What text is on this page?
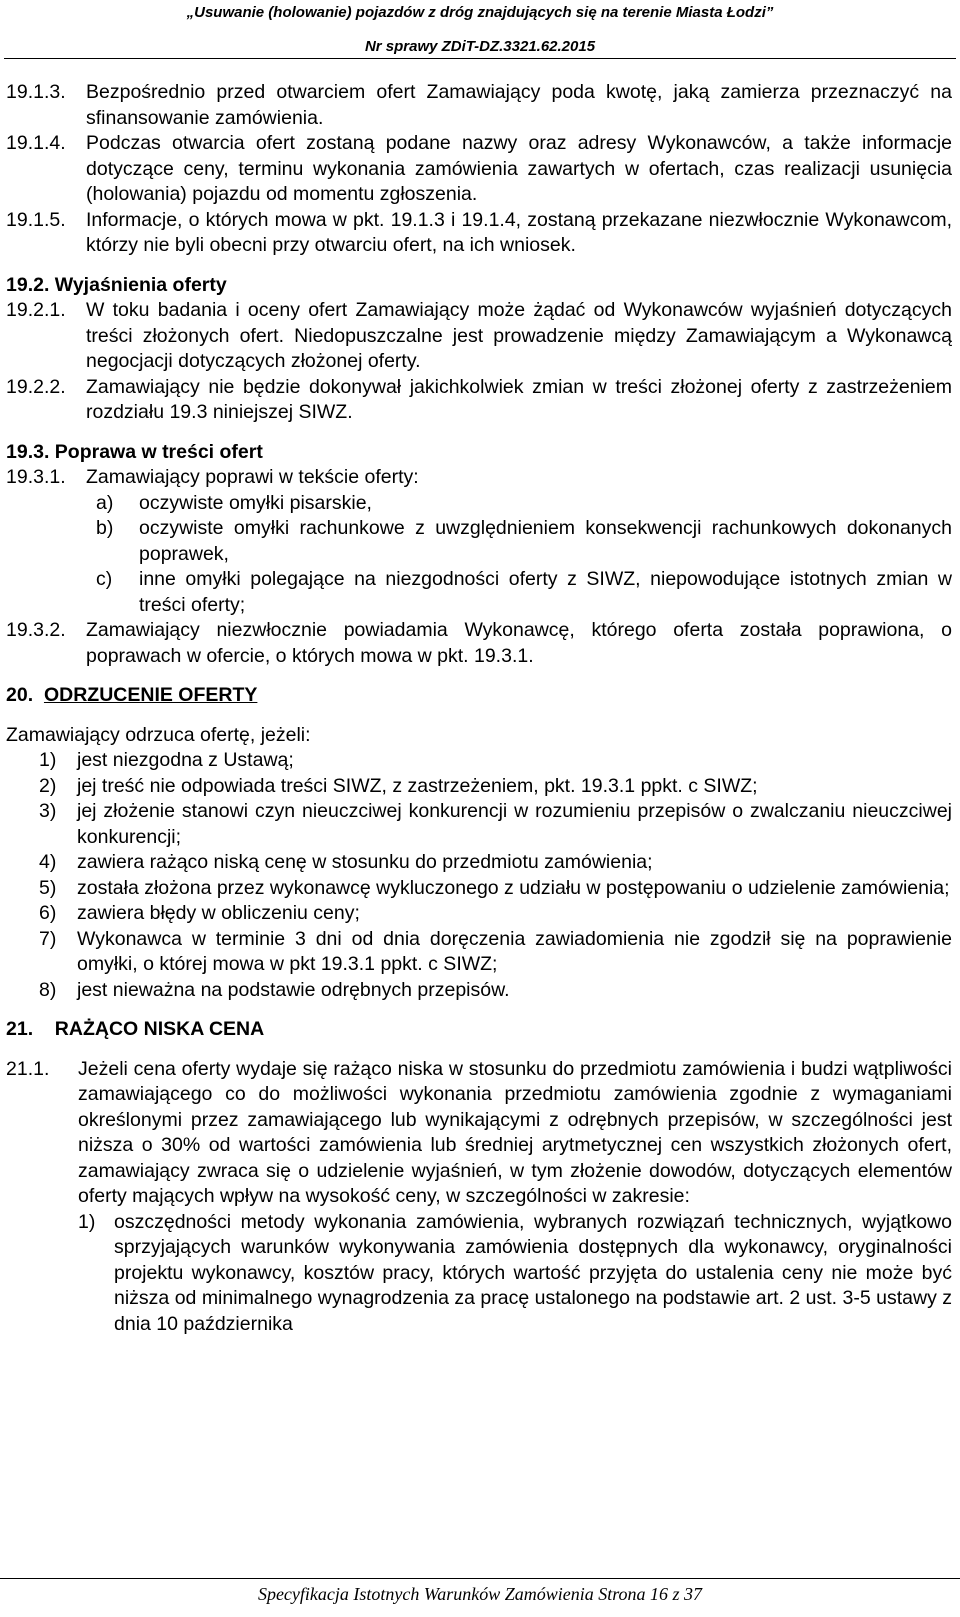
„Usuwanie (holowanie) pojazdów z dróg znajdujących się na terenie Miasta Łodzi”
Nr sprawy ZDiT-DZ.3321.62.2015
19.1.3. Bezpośrednio przed otwarciem ofert Zamawiający poda kwotę, jaką zamierza przeznaczyć na sfinansowanie zamówienia.
19.1.4. Podczas otwarcia ofert zostaną podane nazwy oraz adresy Wykonawców, a także informacje dotyczące ceny, terminu wykonania zamówienia zawartych w ofertach, czas realizacji usunięcia (holowania) pojazdu od momentu zgłoszenia.
19.1.5. Informacje, o których mowa w pkt. 19.1.3 i 19.1.4, zostaną przekazane niezwłocznie Wykonawcom, którzy nie byli obecni przy otwarciu ofert, na ich wniosek.
19.2. Wyjaśnienia oferty
19.2.1. W toku badania i oceny ofert Zamawiający może żądać od Wykonawców wyjaśnień dotyczących treści złożonych ofert. Niedopuszczalne jest prowadzenie między Zamawiającym a Wykonawcą negocjacji dotyczących złożonej oferty.
19.2.2. Zamawiający nie będzie dokonywał jakichkolwiek zmian w treści złożonej oferty z zastrzeżeniem rozdziału 19.3 niniejszej SIWZ.
19.3. Poprawa w treści ofert
19.3.1. Zamawiający poprawi w tekście oferty:
a) oczywiste omyłki pisarskie,
b) oczywiste omyłki rachunkowe z uwzględnieniem konsekwencji rachunkowych dokonanych poprawek,
c) inne omyłki polegające na niezgodności oferty z SIWZ, niepowodujące istotnych zmian w treści oferty;
19.3.2. Zamawiający niezwłocznie powiadamia Wykonawcę, którego oferta została poprawiona, o poprawach w ofercie, o których mowa w pkt. 19.3.1.
20. ODRZUCENIE OFERTY
Zamawiający odrzuca ofertę, jeżeli:
1) jest niezgodna z Ustawą;
2) jej treść nie odpowiada treści SIWZ, z zastrzeżeniem, pkt. 19.3.1 ppkt. c SIWZ;
3) jej złożenie stanowi czyn nieuczciwej konkurencji w rozumieniu przepisów o zwalczaniu nieuczciwej konkurencji;
4) zawiera rażąco niską cenę w stosunku do przedmiotu zamówienia;
5) została złożona przez wykonawcę wykluczonego z udziału w postępowaniu o udzielenie zamówienia;
6) zawiera błędy w obliczeniu ceny;
7) Wykonawca w terminie 3 dni od dnia doręczenia zawiadomienia nie zgodził się na poprawienie omyłki, o której mowa w pkt 19.3.1 ppkt. c SIWZ;
8) jest nieważna na podstawie odrębnych przepisów.
21. RAŻĄCO NISKA CENA
21.1. Jeżeli cena oferty wydaje się rażąco niska w stosunku do przedmiotu zamówienia i budzi wątpliwości zamawiającego co do możliwości wykonania przedmiotu zamówienia zgodnie z wymaganiami określonymi przez zamawiającego lub wynikającymi z odrębnych przepisów, w szczególności jest niższa o 30% od wartości zamówienia lub średniej arytmetycznej cen wszystkich złożonych ofert, zamawiający zwraca się o udzielenie wyjaśnień, w tym złożenie dowodów, dotyczących elementów oferty mających wpływ na wysokość ceny, w szczególności w zakresie:
1) oszczędności metody wykonania zamówienia, wybranych rozwiązań technicznych, wyjątkowo sprzyjających warunków wykonywania zamówienia dostępnych dla wykonawcy, oryginalności projektu wykonawcy, kosztów pracy, których wartość przyjęta do ustalenia ceny nie może być niższa od minimalnego wynagrodzenia za pracę ustalonego na podstawie art. 2 ust. 3-5 ustawy z dnia 10 października
Specyfikacja Istotnych Warunków Zamówienia Strona 16 z 37
